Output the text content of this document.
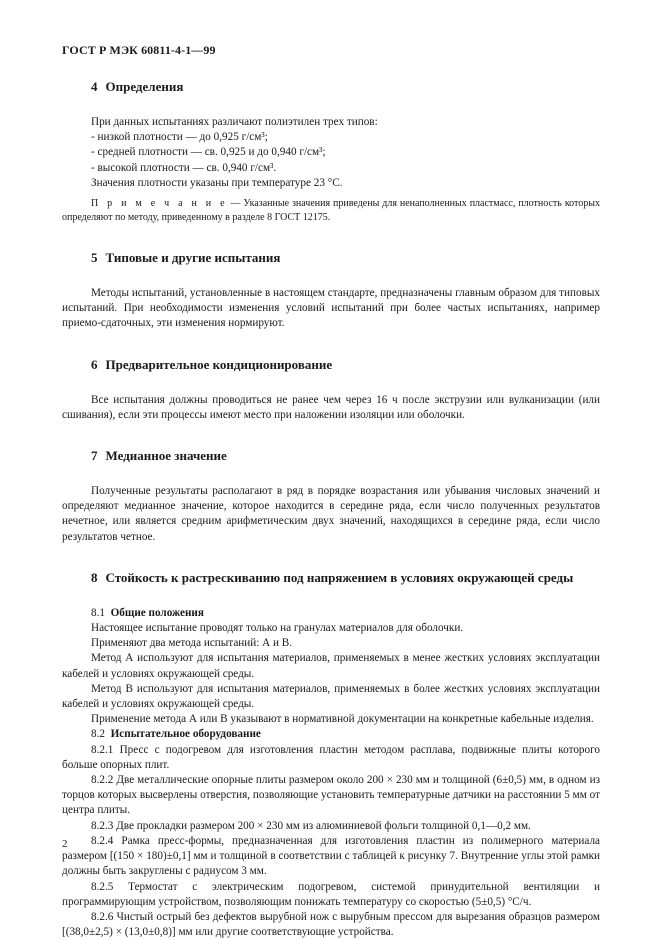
ГОСТ Р МЭК 60811-4-1—99
4 Определения

При данных испытаниях различают полиэтилен трех типов:

- низкой плотности — до 0,925 г/см³;

- средней плотности — св. 0,925 и до 0,940 г/см³;

- высокой плотности — св. 0,940 г/см³.

Значения плотности указаны при температуре 23 °С.

П р и м е ч а н и е — Указанные значения приведены для ненаполненных пластмасс, плотность которых определяют по методу, приведенному в разделе 8 ГОСТ 12175.

5 Типовые и другие испытания

Методы испытаний, установленные в настоящем стандарте, предназначены главным образом для типовых испытаний. При необходимости изменения условий испытаний при более частых испытаниях, например приемо-сдаточных, эти изменения нормируют.

6 Предварительное кондиционирование

Все испытания должны проводиться не ранее чем через 16 ч после экструзии или вулканизации (или сшивания), если эти процессы имеют место при наложении изоляции или оболочки.

7 Медианное значение

Полученные результаты располагают в ряд в порядке возрастания или убывания числовых значений и определяют медианное значение, которое находится в середине ряда, если число полученных результатов нечетное, или является средним арифметическим двух значений, находящихся в середине ряда, если число результатов четное.

8 Стойкость к растрескиванию под напряжением в условиях окружающей среды

8.1 Общие положения

Настоящее испытание проводят только на гранулах материалов для оболочки.

Применяют два метода испытаний: А и В.

Метод А используют для испытания материалов, применяемых в менее жестких условиях эксплуатации кабелей и условиях окружающей среды.

Метод В используют для испытания материалов, применяемых в более жестких условиях эксплуатации кабелей и условиях окружающей среды.

Применение метода А или В указывают в нормативной документации на конкретные кабельные изделия.

8.2 Испытательное оборудование

8.2.1 Пресс с подогревом для изготовления пластин методом расплава, подвижные плиты которого больше опорных плит.

8.2.2 Две металлические опорные плиты размером около 200 × 230 мм и толщиной (6±0,5) мм, в одном из торцов которых высверлены отверстия, позволяющие установить температурные датчики на расстоянии 5 мм от центра плиты.

8.2.3 Две прокладки размером 200 × 230 мм из алюминиевой фольги толщиной 0,1—0,2 мм.

8.2.4 Рамка пресс-формы, предназначенная для изготовления пластин из полимерного материала размером [(150 × 180)±0,1] мм и толщиной в соответствии с таблицей к рисунку 7. Внутренние углы этой рамки должны быть закруглены с радиусом 3 мм.

8.2.5 Термостат с электрическим подогревом, системой принудительной вентиляции и программирующим устройством, позволяющим понижать температуру со скоростью (5±0,5) °С/ч.

8.2.6 Чистый острый без дефектов вырубной нож с вырубным прессом для вырезания образцов размером [(38,0±2,5) × (13,0±0,8)] мм или другие соответствующие устройства.

2
